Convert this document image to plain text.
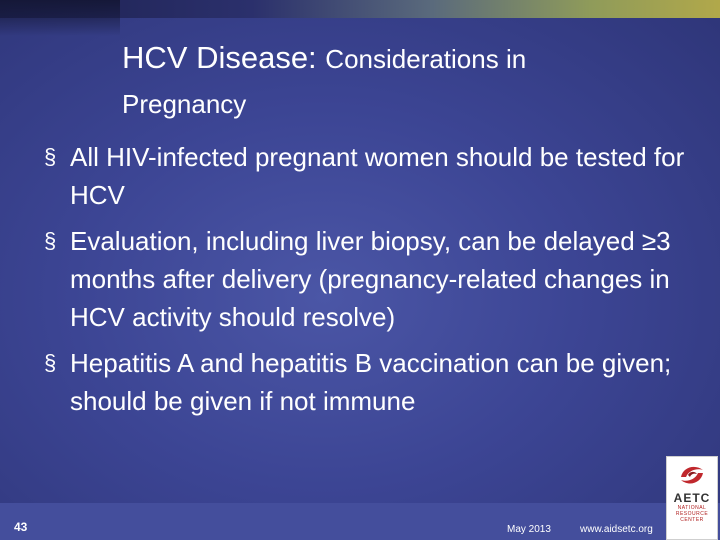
HCV Disease: Considerations in
Pregnancy
§ All HIV-infected pregnant women should be tested for HCV
§ Evaluation, including liver biopsy, can be delayed ≥3 months after delivery (pregnancy-related changes in HCV activity should resolve)
§ Hepatitis A and hepatitis B vaccination can be given; should be given if not immune
43	May 2013	www.aidsetc.org
AETC
NATIONAL
RESOURCE
CENTER
